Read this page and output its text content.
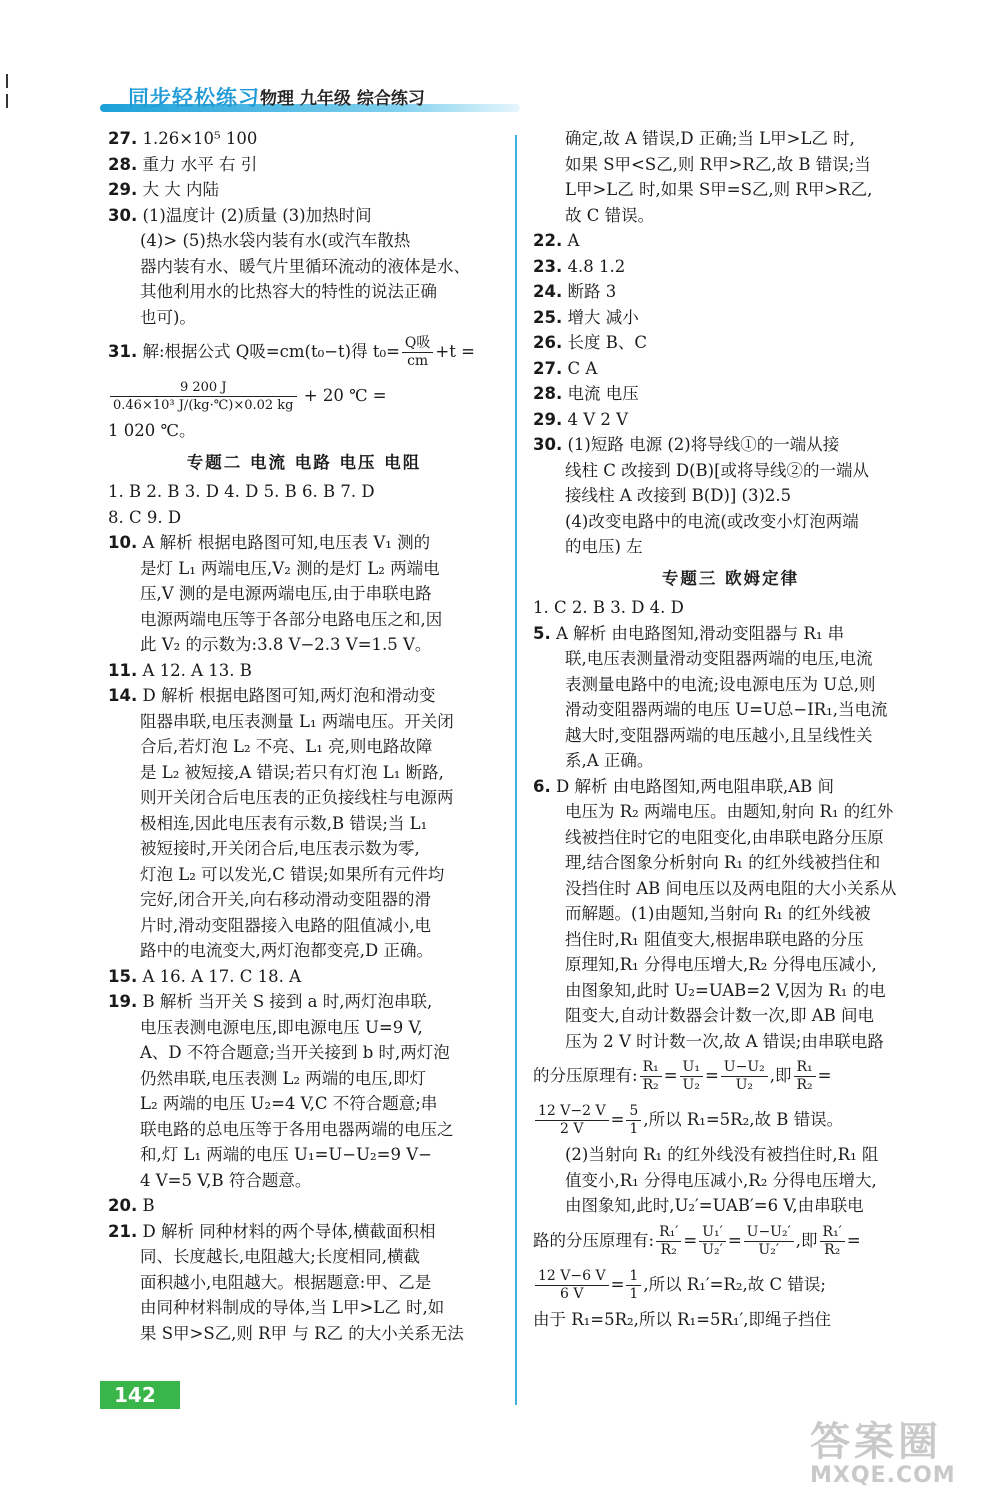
同步轻松练习 物理 九年级 综合练习
27. 1.26×10⁵ 100
28. 重力 水平 右 引
29. 大 大 内陆
30. (1)温度计 (2)质量 (3)加热时间
(4)> (5)热水袋内装有水(或汽车散热
器内装有水、暖气片里循环流动的液体是水、
其他利用水的比热容大的特性的说法正确
也可)。
31. 解:根据公式 Q吸=cm(t₀−t)得 $t_0= \frac{\text{Q吸}}{cm} +t$ =
$\frac{9 200 J}{\text{0.46×10³ J/(kg·℃)×0.02 kg}} + 20$ ℃ =
1 020 ℃。
专题二 电流 电路 电压 电阻
1. B 2. B 3. D 4. D 5. B 6. B 7. D
8. C 9. D
10. A 解析 根据电路图可知,电压表 V₁ 测的
是灯 L₁ 两端电压,V₂ 测的是灯 L₂ 两端电
压,V 测的是电源两端电压,由于串联电路
电源两端电压等于各部分电路电压之和,因
此 V₂ 的示数为:3.8 V−2.3 V=1.5 V。
11. A 12. A 13. B
14. D 解析 根据电路图可知,两灯泡和滑动变
阻器串联,电压表测量 L₁ 两端电压。开关闭
合后,若灯泡 L₂ 不亮、L₁ 亮,则电路故障
是 L₂ 被短接,A 错误;若只有灯泡 L₁ 断路,
则开关闭合后电压表的正负接线柱与电源两
极相连,因此电压表有示数,B 错误;当 L₁
被短接时,开关闭合后,电压表示数为零,
灯泡 L₂ 可以发光,C 错误;如果所有元件均
完好,闭合开关,向右移动滑动变阻器的滑
片时,滑动变阻器接入电路的阻值减小,电
路中的电流变大,两灯泡都变亮,D 正确。
15. A 16. A 17. C 18. A
19. B 解析 当开关 S 接到 a 时,两灯泡串联,
电压表测电源电压,即电源电压 U=9 V,
A、D 不符合题意;当开关接到 b 时,两灯泡
仍然串联,电压表测 L₂ 两端的电压,即灯
L₂ 两端的电压 U₂=4 V,C 不符合题意;串
联电路的总电压等于各用电器两端的电压之
和,灯 L₁ 两端的电压 U₁=U−U₂=9 V−
4 V=5 V,B 符合题意。
20. B
21. D 解析 同种材料的两个导体,横截面积相
同、长度越长,电阻越大;长度相同,横截
面积越小,电阻越大。根据题意:甲、乙是
由同种材料制成的导体,当 L甲>L乙 时,如
果 S甲>S乙,则 R甲 与 R乙 的大小关系无法
确定,故 A 错误,D 正确;当 L甲>L乙 时,
如果 S甲<S乙,则 R甲>R乙,故 B 错误;当
L甲>L乙 时,如果 S甲=S乙,则 R甲>R乙,
故 C 错误。
22. A
23. 4.8 1.2
24. 断路 3
25. 增大 减小
26. 长度 B、C
27. C A
28. 电流 电压
29. 4 V 2 V
30. (1)短路 电源 (2)将导线①的一端从接
线柱 C 改接到 D(B)[或将导线②的一端从
接线柱 A 改接到 B(D)] (3)2.5
(4)改变电路中的电流(或改变小灯泡两端
的电压) 左
专题三 欧姆定律
1. C 2. B 3. D 4. D
5. A 解析 由电路图知,滑动变阻器与 R₁ 串
联,电压表测量滑动变阻器两端的电压,电流
表测量电路中的电流;设电源电压为 U总,则
滑动变阻器两端的电压 U=U总−IR₁,当电流
越大时,变阻器两端的电压越小,且呈线性关
系,A 正确。
6. D 解析 由电路图知,两电阻串联,AB 间
电压为 R₂ 两端电压。由题知,射向 R₁ 的红外
线被挡住时它的电阻变化,由串联电路分压原
理,结合图象分析射向 R₁ 的红外线被挡住和
没挡住时 AB 间电压以及两电阻的大小关系从
而解题。(1)由题知,当射向 R₁ 的红外线被
挡住时,R₁ 阻值变大,根据串联电路的分压
原理知,R₁ 分得电压增大,R₂ 分得电压减小,
由图象知,此时 U₂=UAB=2 V,因为 R₁ 的电
阻变大,自动计数器会计数一次,即 AB 间电
压为 2 V 时计数一次,故 A 错误;由串联电路
的分压原理有: $\frac{\text{R₁}}{\text{R₂}} = \frac{\text{U₁}}{\text{U₂}} = \frac{\text{U−U₂}}{\text{U₂}}$ ,即 $\frac{\text{R₁}}{\text{R₂}}$ =
$\frac{12 V-2 V}{2 V} = \frac{5}{1}$ ,所以 R₁=5R₂,故 B 错误。
(2)当射向 R₁ 的红外线没有被挡住时,R₁ 阻
值变小,R₁ 分得电压减小,R₂ 分得电压增大,
由图象知,此时,U₂′=UAB′=6 V,由串联电
路的分压原理有: $\frac{\text{R₁′}}{\text{R₂}} = \frac{\text{U₁′}}{\text{U₂′}} = \frac{\text{U−U₂′}}{\text{U₂′}}$ ,即 $\frac{\text{R₁′}}{\text{R₂}}$ =
$\frac{12 V-6 V}{6 V} = \frac{1}{1}$ ,所以 R₁′=R₂,故 C 错误;
由于 R₁=5R₂,所以 R₁=5R₁′,即绳子挡住
142
答案圈
MXQE.COM
